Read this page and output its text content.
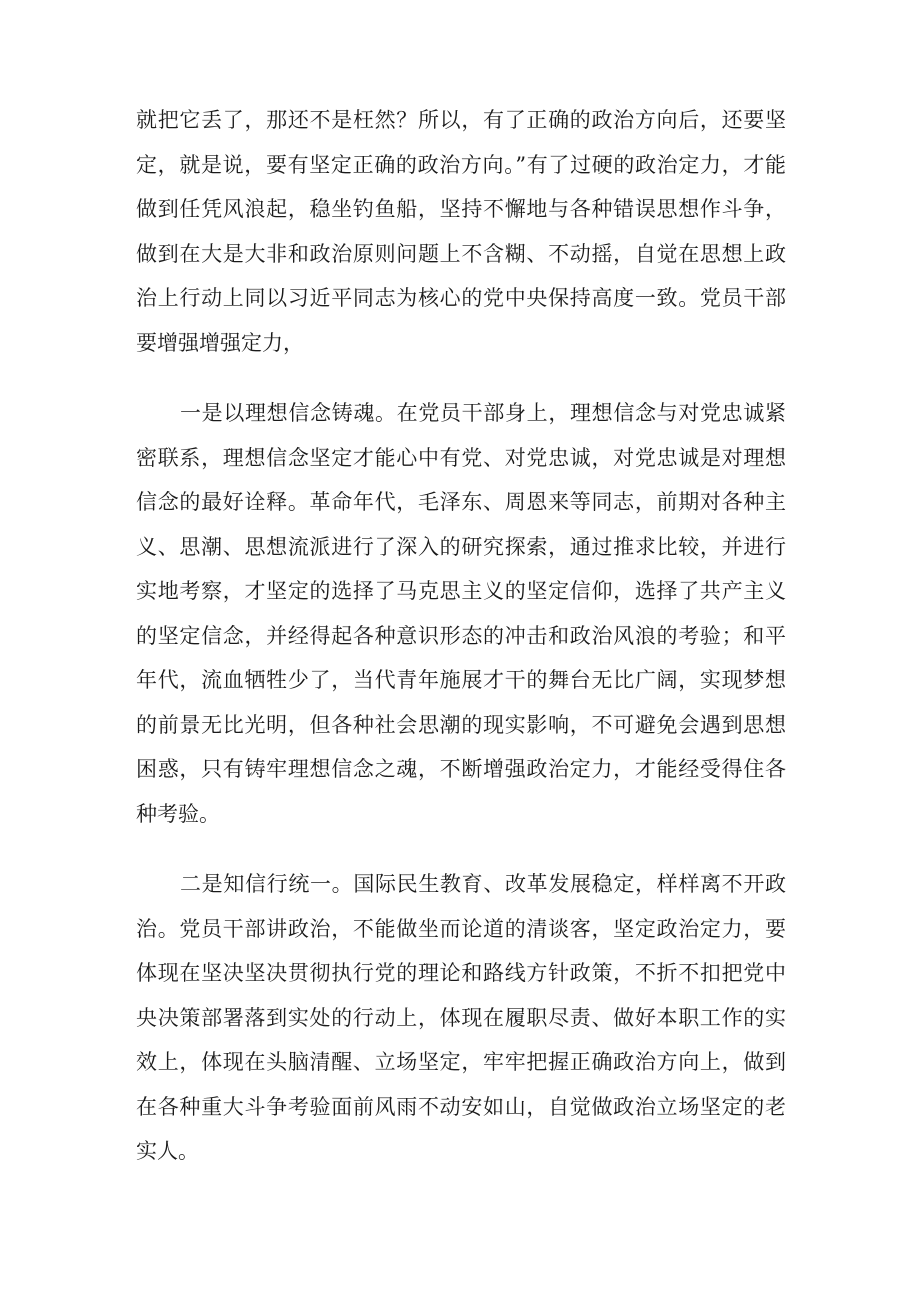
就把它丢了，那还不是枉然？所以，有了正确的政治方向后，还要坚定，就是说，要有坚定正确的政治方向。”有了过硬的政治定力，才能做到任凭风浪起，稳坐钓鱼船，坚持不懈地与各种错误思想作斗争，做到在大是大非和政治原则问题上不含糊、不动摇，自觉在思想上政治上行动上同以习近平同志为核心的党中央保持高度一致。党员干部要增强增强定力，

一是以理想信念铸魂。在党员干部身上，理想信念与对党忠诚紧密联系，理想信念坚定才能心中有党、对党忠诚，对党忠诚是对理想信念的最好诠释。革命年代，毛泽东、周恩来等同志，前期对各种主义、思潮、思想流派进行了深入的研究探索，通过推求比较，并进行实地考察，才坚定的选择了马克思主义的坚定信仰，选择了共产主义的坚定信念，并经得起各种意识形态的冲击和政治风浪的考验；和平年代，流血牺牲少了，当代青年施展才干的舞台无比广阔，实现梦想的前景无比光明，但各种社会思潮的现实影响，不可避免会遇到思想困惑，只有铸牢理想信念之魂，不断增强政治定力，才能经受得住各种考验。

二是知信行统一。国际民生教育、改革发展稳定，样样离不开政治。党员干部讲政治，不能做坐而论道的清谈客，坚定政治定力，要体现在坚决坚决贯彻执行党的理论和路线方针政策，不折不扣把党中央决策部署落到实处的行动上，体现在履职尽责、做好本职工作的实效上，体现在头脑清醒、立场坚定，牢牢把握正确政治方向上，做到在各种重大斗争考验面前风雨不动安如山，自觉做政治立场坚定的老实人。
